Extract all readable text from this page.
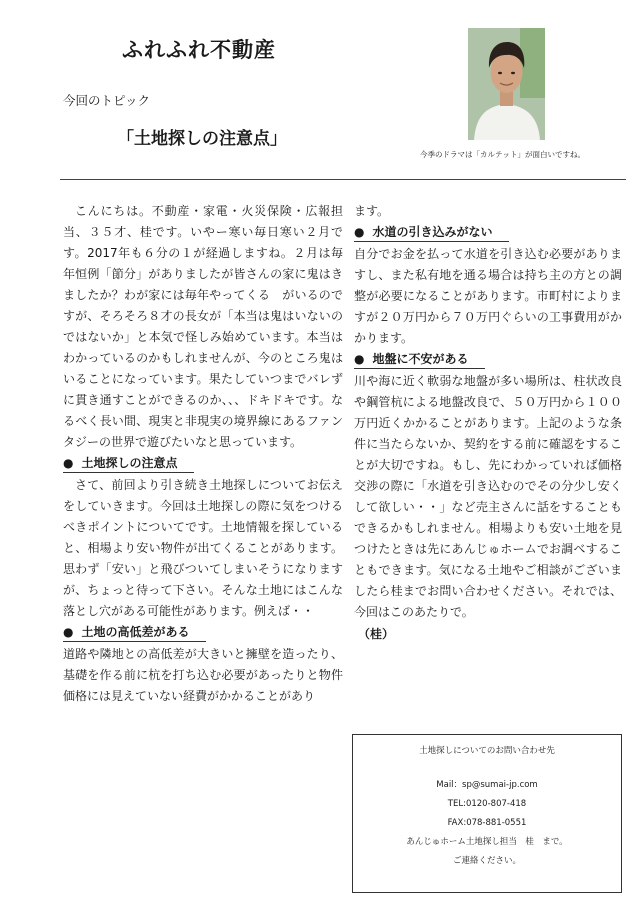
ふれふれ不動産
今回のトピック
「土地探しの注意点」
今季のドラマは「カルテット」が面白いですね。

こんにちは。不動産・家電・火災保険・広報担当、３５才、桂です。いやー寒い毎日寒い２月です。2017年も６分の１が経過しますね。２月は毎年恒例「節分」がありましたが皆さんの家に鬼はきましたか？わが家には毎年やってくる　がいるのですが、そろそろ８才の長女が「本当は鬼はいないのではないか」と本気で怪しみ始めています。本当はわかっているのかもしれませんが、今のところ鬼はいることになっています。果たしていつまでバレずに貫き通すことができるのか、、、ドキドキです。なるべく長い間、現実と非現実の境界線にあるファンタジーの世界で遊びたいなと思っています。

● 土地探しの注意点

さて、前回より引き続き土地探しについてお伝えをしていきます。今回は土地探しの際に気をつけるべきポイントについてです。土地情報を探していると、相場より安い物件が出てくることがあります。思わず「安い」と飛びついてしまいそうになりますが、ちょっと待って下さい。そんな土地にはこんな落とし穴がある可能性があります。例えば・・

● 土地の高低差がある

道路や隣地との高低差が大きいと擁壁を造ったり、基礎を作る前に杭を打ち込む必要があったりと物件価格には見えていない経費がかかることがあり

ます。

● 水道の引き込みがない

自分でお金を払って水道を引き込む必要がありますし、また私有地を通る場合は持ち主の方との調整が必要になることがあります。市町村によりますが２０万円から７０万円ぐらいの工事費用がかかります。

● 地盤に不安がある

川や海に近く軟弱な地盤が多い場所は、柱状改良や鋼管杭による地盤改良で、５０万円から１００万円近くかかることがあります。上記のような条件に当たらないか、契約をする前に確認をすることが大切ですね。もし、先にわかっていれば価格交渉の際に「水道を引き込むのでその分少し安くして欲しい・・」など売主さんに話をすることもできるかもしれません。相場よりも安い土地を見つけたときは先にあんじゅホームでお調べすることもできます。気になる土地やご相談がございましたら桂までお問い合わせください。それでは、今回はこのあたりで。

（桂）
土地探しについてのお問い合わせ先
Mail：sp@sumai-jp.com
TEL:0120-807-418
FAX:078-881-0551
あんじゅホーム土地探し担当　桂　まで。
ご連絡ください。
